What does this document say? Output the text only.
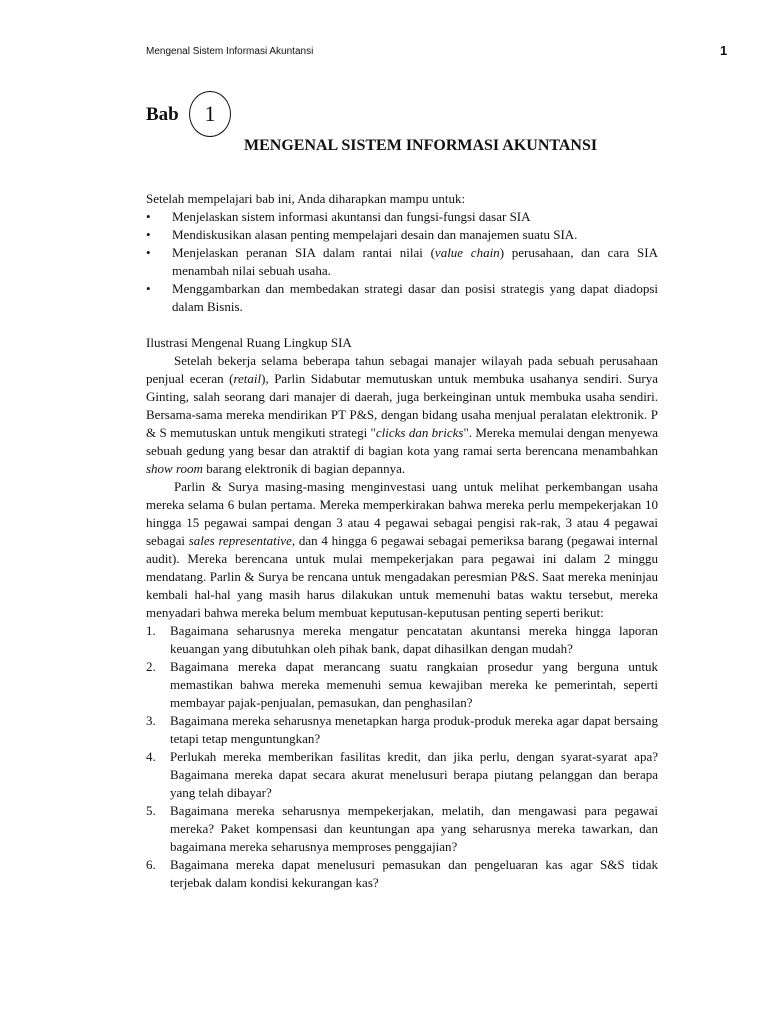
Mengenal Sistem Informasi Akuntansi	1
Bab	1
MENGENAL SISTEM INFORMASI AKUNTANSI

Setelah mempelajari bab ini, Anda diharapkan mampu untuk:

• Menjelaskan sistem informasi akuntansi dan fungsi-fungsi dasar SIA
• Mendiskusikan alasan penting mempelajari desain dan manajemen suatu SIA.
• Menjelaskan peranan SIA dalam rantai nilai (value chain) perusahaan, dan cara SIA menambah nilai sebuah usaha.
• Menggambarkan dan membedakan strategi dasar dan posisi strategis yang dapat diadopsi dalam Bisnis.

Ilustrasi Mengenal Ruang Lingkup SIA

Setelah bekerja selama beberapa tahun sebagai manajer wilayah pada sebuah perusahaan penjual eceran (retail), Parlin Sidabutar memutuskan untuk membuka usahanya sendiri. Surya Ginting, salah seorang dari manajer di daerah, juga berkeinginan untuk membuka usaha sendiri. Bersama-sama mereka mendirikan PT P&S, dengan bidang usaha menjual peralatan elektronik. P & S memutuskan untuk mengikuti strategi "clicks dan bricks". Mereka memulai dengan menyewa sebuah gedung yang besar dan atraktif di bagian kota yang ramai serta berencana menambahkan show room barang elektronik di bagian depannya.

Parlin & Surya masing-masing menginvestasi uang untuk melihat perkembangan usaha mereka selama 6 bulan pertama. Mereka memperkirakan bahwa mereka perlu mempekerjakan 10 hingga 15 pegawai sampai dengan 3 atau 4 pegawai sebagai pengisi rak-rak, 3 atau 4 pegawai sebagai sales representative, dan 4 hingga 6 pegawai sebagai pemeriksa barang (pegawai internal audit). Mereka berencana untuk mulai mempekerjakan para pegawai ini dalam 2 minggu mendatang. Parlin & Surya be rencana untuk mengadakan peresmian P&S. Saat mereka meninjau kembali hal-hal yang masih harus dilakukan untuk memenuhi batas waktu tersebut, mereka menyadari bahwa mereka belum membuat keputusan-keputusan penting seperti berikut:

1. Bagaimana seharusnya mereka mengatur pencatatan akuntansi mereka hingga laporan keuangan yang dibutuhkan oleh pihak bank, dapat dihasilkan dengan mudah?
2. Bagaimana mereka dapat merancang suatu rangkaian prosedur yang berguna untuk memastikan bahwa mereka memenuhi semua kewajiban mereka ke pemerintah, seperti membayar pajak-penjualan, pemasukan, dan penghasilan?
3. Bagaimana mereka seharusnya menetapkan harga produk-produk mereka agar dapat bersaing tetapi tetap menguntungkan?
4. Perlukah mereka memberikan fasilitas kredit, dan jika perlu, dengan syarat-syarat apa? Bagaimana mereka dapat secara akurat menelusuri berapa piutang pelanggan dan berapa yang telah dibayar?
5. Bagaimana mereka seharusnya mempekerjakan, melatih, dan mengawasi para pegawai mereka? Paket kompensasi dan keuntungan apa yang seharusnya mereka tawarkan, dan bagaimana mereka seharusnya memproses penggajian?
6. Bagaimana mereka dapat menelusuri pemasukan dan pengeluaran kas agar S&S tidak terjebak dalam kondisi kekurangan kas?
